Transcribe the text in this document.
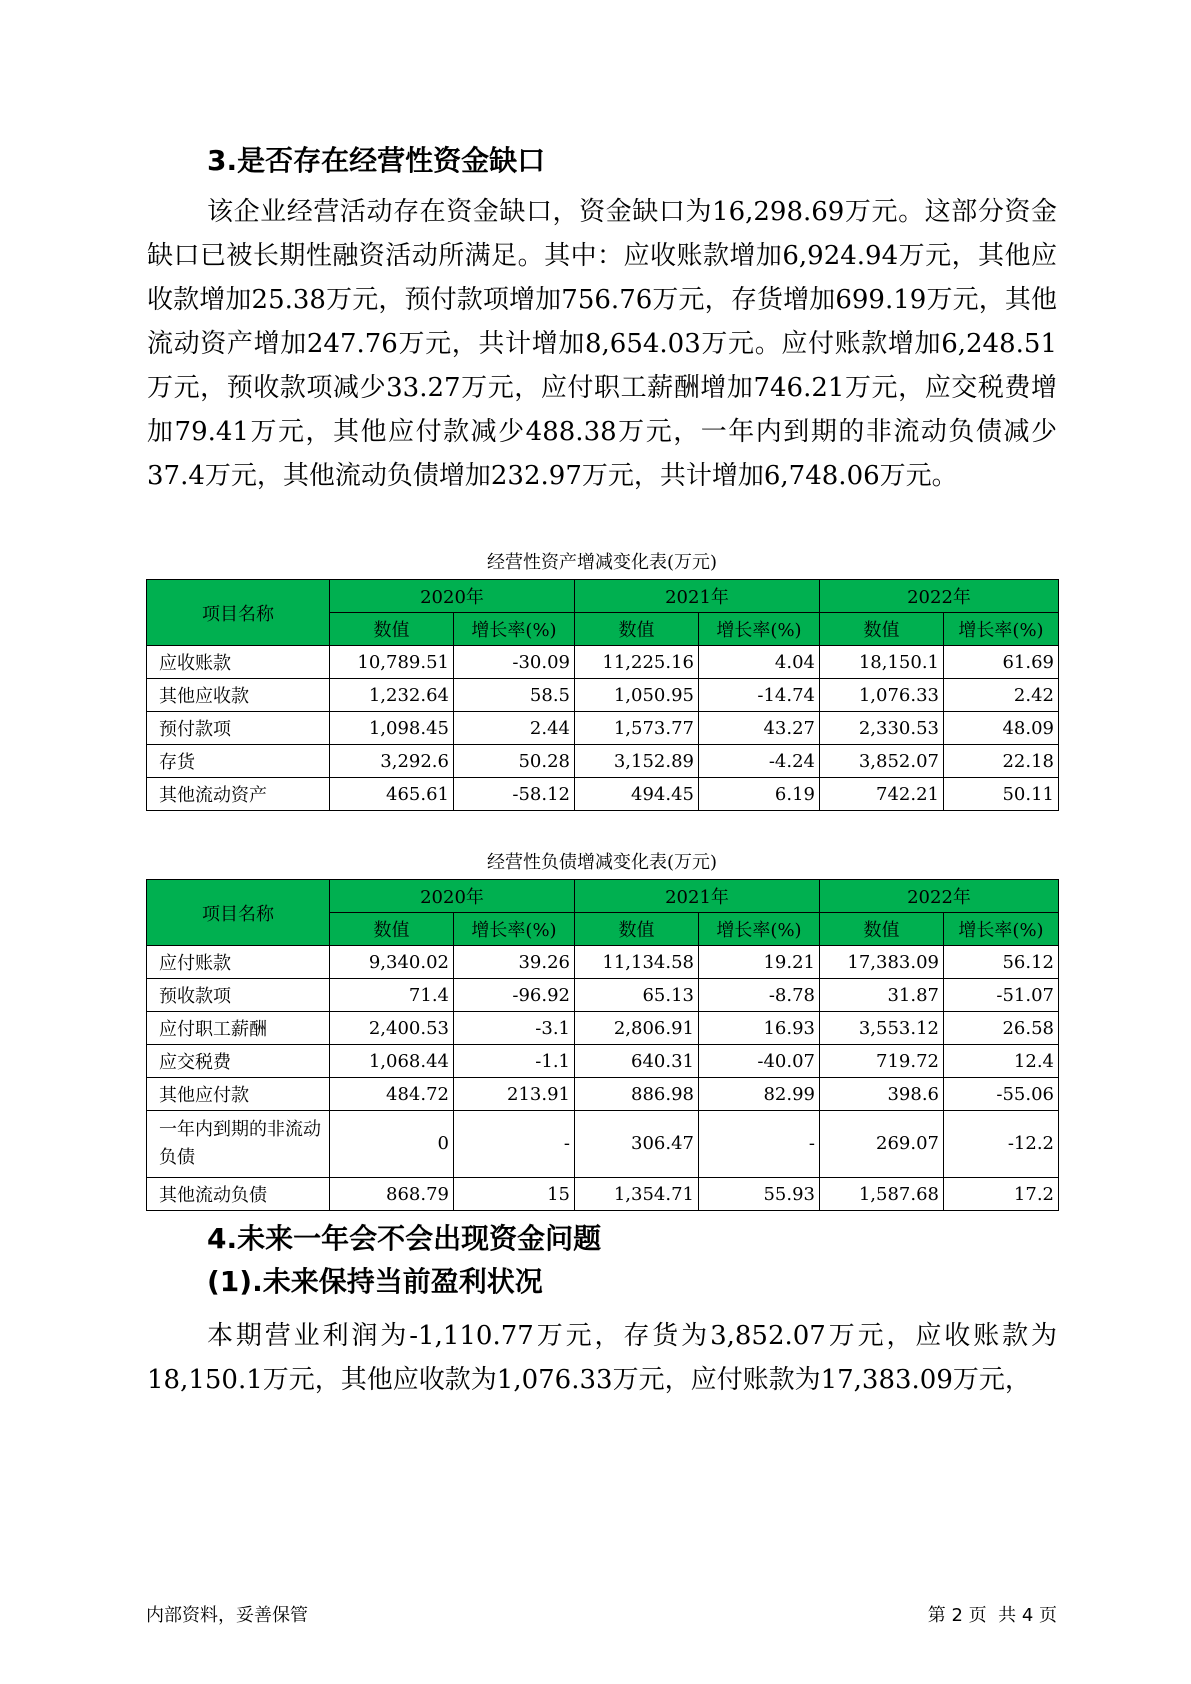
3.是否存在经营性资金缺口

该企业经营活动存在资金缺口，资金缺口为16,298.69万元。这部分资金缺口已被长期性融资活动所满足。其中：应收账款增加6,924.94万元，其他应收款增加25.38万元，预付款项增加756.76万元，存货增加699.19万元，其他流动资产增加247.76万元，共计增加8,654.03万元。应付账款增加6,248.51万元，预收款项减少33.27万元，应付职工薪酬增加746.21万元，应交税费增加79.41万元，其他应付款减少488.38万元，一年内到期的非流动负债减少37.4万元，其他流动负债增加232.97万元，共计增加6,748.06万元。

经营性资产增减变化表(万元)
项目名称	2020年		2021年		2022年	
	数值	增长率(%)	数值	增长率(%)	数值	增长率(%)
应收账款	10,789.51	-30.09	11,225.16	4.04	18,150.1	61.69
其他应收款	1,232.64	58.5	1,050.95	-14.74	1,076.33	2.42
预付款项	1,098.45	2.44	1,573.77	43.27	2,330.53	48.09
存货	3,292.6	50.28	3,152.89	-4.24	3,852.07	22.18
其他流动资产	465.61	-58.12	494.45	6.19	742.21	50.11
经营性负债增减变化表(万元)
项目名称	2020年		2021年		2022年	
	数值	增长率(%)	数值	增长率(%)	数值	增长率(%)
应付账款	9,340.02	39.26	11,134.58	19.21	17,383.09	56.12
预收款项	71.4	-96.92	65.13	-8.78	31.87	-51.07
应付职工薪酬	2,400.53	-3.1	2,806.91	16.93	3,553.12	26.58
应交税费	1,068.44	-1.1	640.31	-40.07	719.72	12.4
其他应付款	484.72	213.91	886.98	82.99	398.6	-55.06
一年内到期的非流动负债	0	-	306.47	-	269.07	-12.2
其他流动负债	868.79	15	1,354.71	55.93	1,587.68	17.2
4.未来一年会不会出现资金问题
(1).未来保持当前盈利状况

本期营业利润为-1,110.77万元，存货为3,852.07万元，应收账款为18,150.1万元，其他应收款为1,076.33万元，应付账款为17,383.09万元，

内部资料，妥善保管	第 2 页  共 4 页
